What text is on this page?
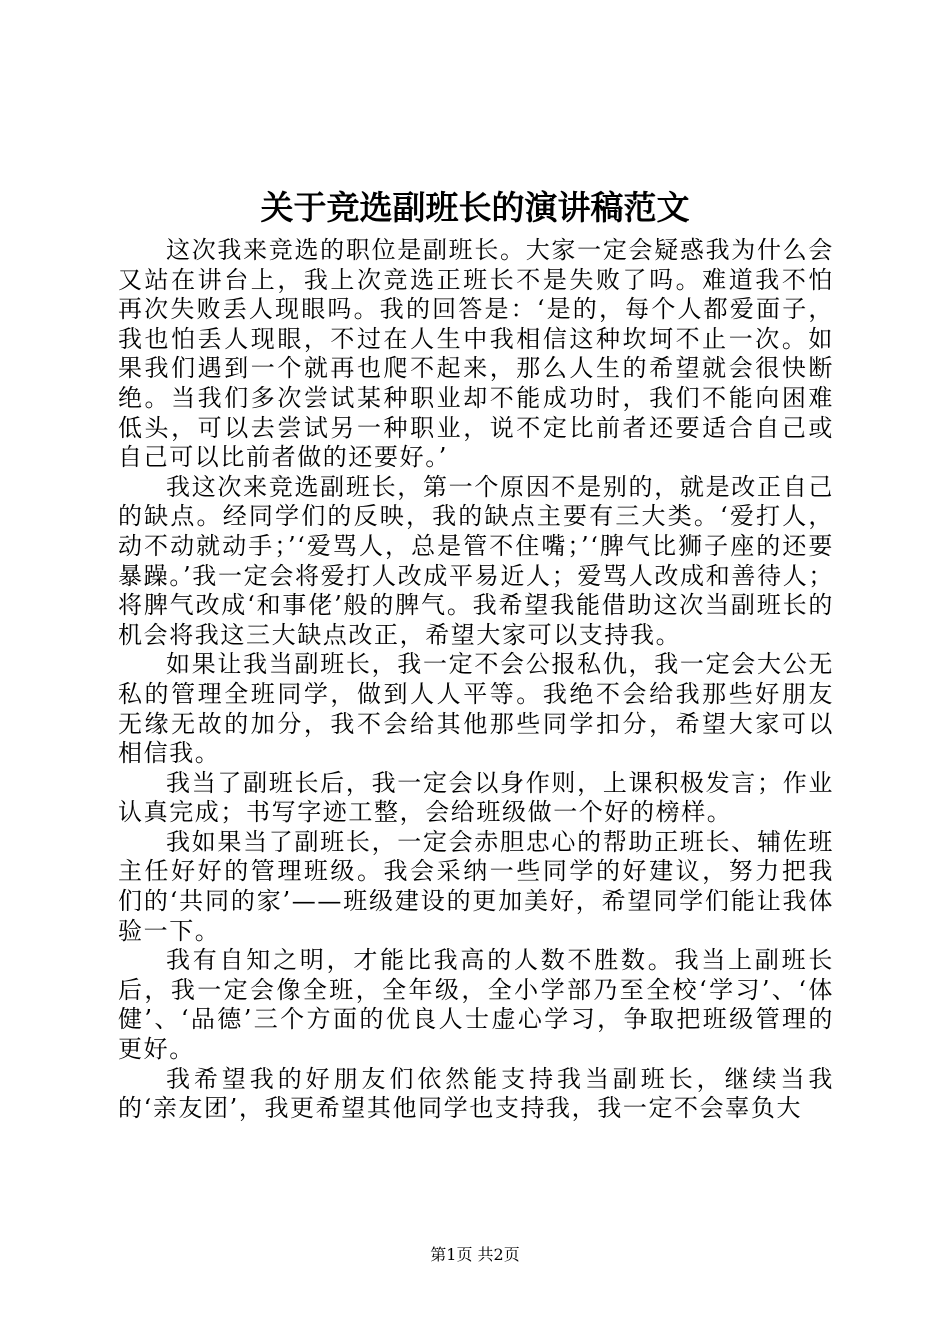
关于竞选副班长的演讲稿范文

这次我来竞选的职位是副班长。大家一定会疑惑我为什么会又站在讲台上，我上次竞选正班长不是失败了吗。难道我不怕再次失败丢人现眼吗。我的回答是：‘是的，每个人都爱面子，我也怕丢人现眼，不过在人生中我相信这种坎坷不止一次。如果我们遇到一个就再也爬不起来，那么人生的希望就会很快断绝。当我们多次尝试某种职业却不能成功时，我们不能向困难低头，可以去尝试另一种职业，说不定比前者还要适合自己或自己可以比前者做的还要好。’

我这次来竞选副班长，第一个原因不是别的，就是改正自己的缺点。经同学们的反映，我的缺点主要有三大类。‘爱打人，动不动就动手；’‘爱骂人，总是管不住嘴；’‘脾气比狮子座的还要暴躁。’我一定会将爱打人改成平易近人；爱骂人改成和善待人；将脾气改成‘和事佬’般的脾气。我希望我能借助这次当副班长的机会将我这三大缺点改正，希望大家可以支持我。

如果让我当副班长，我一定不会公报私仇，我一定会大公无私的管理全班同学，做到人人平等。我绝不会给我那些好朋友无缘无故的加分，我不会给其他那些同学扣分，希望大家可以相信我。

我当了副班长后，我一定会以身作则，上课积极发言；作业认真完成；书写字迹工整，会给班级做一个好的榜样。

我如果当了副班长，一定会赤胆忠心的帮助正班长、辅佐班主任好好的管理班级。我会采纳一些同学的好建议，努力把我们的‘共同的家’——班级建设的更加美好，希望同学们能让我体验一下。

我有自知之明，才能比我高的人数不胜数。我当上副班长后，我一定会像全班，全年级，全小学部乃至全校‘学习’、‘体健’、‘品德’三个方面的优良人士虚心学习，争取把班级管理的更好。

我希望我的好朋友们依然能支持我当副班长，继续当我的‘亲友团’，我更希望其他同学也支持我，我一定不会辜负大

第1页 共2页
